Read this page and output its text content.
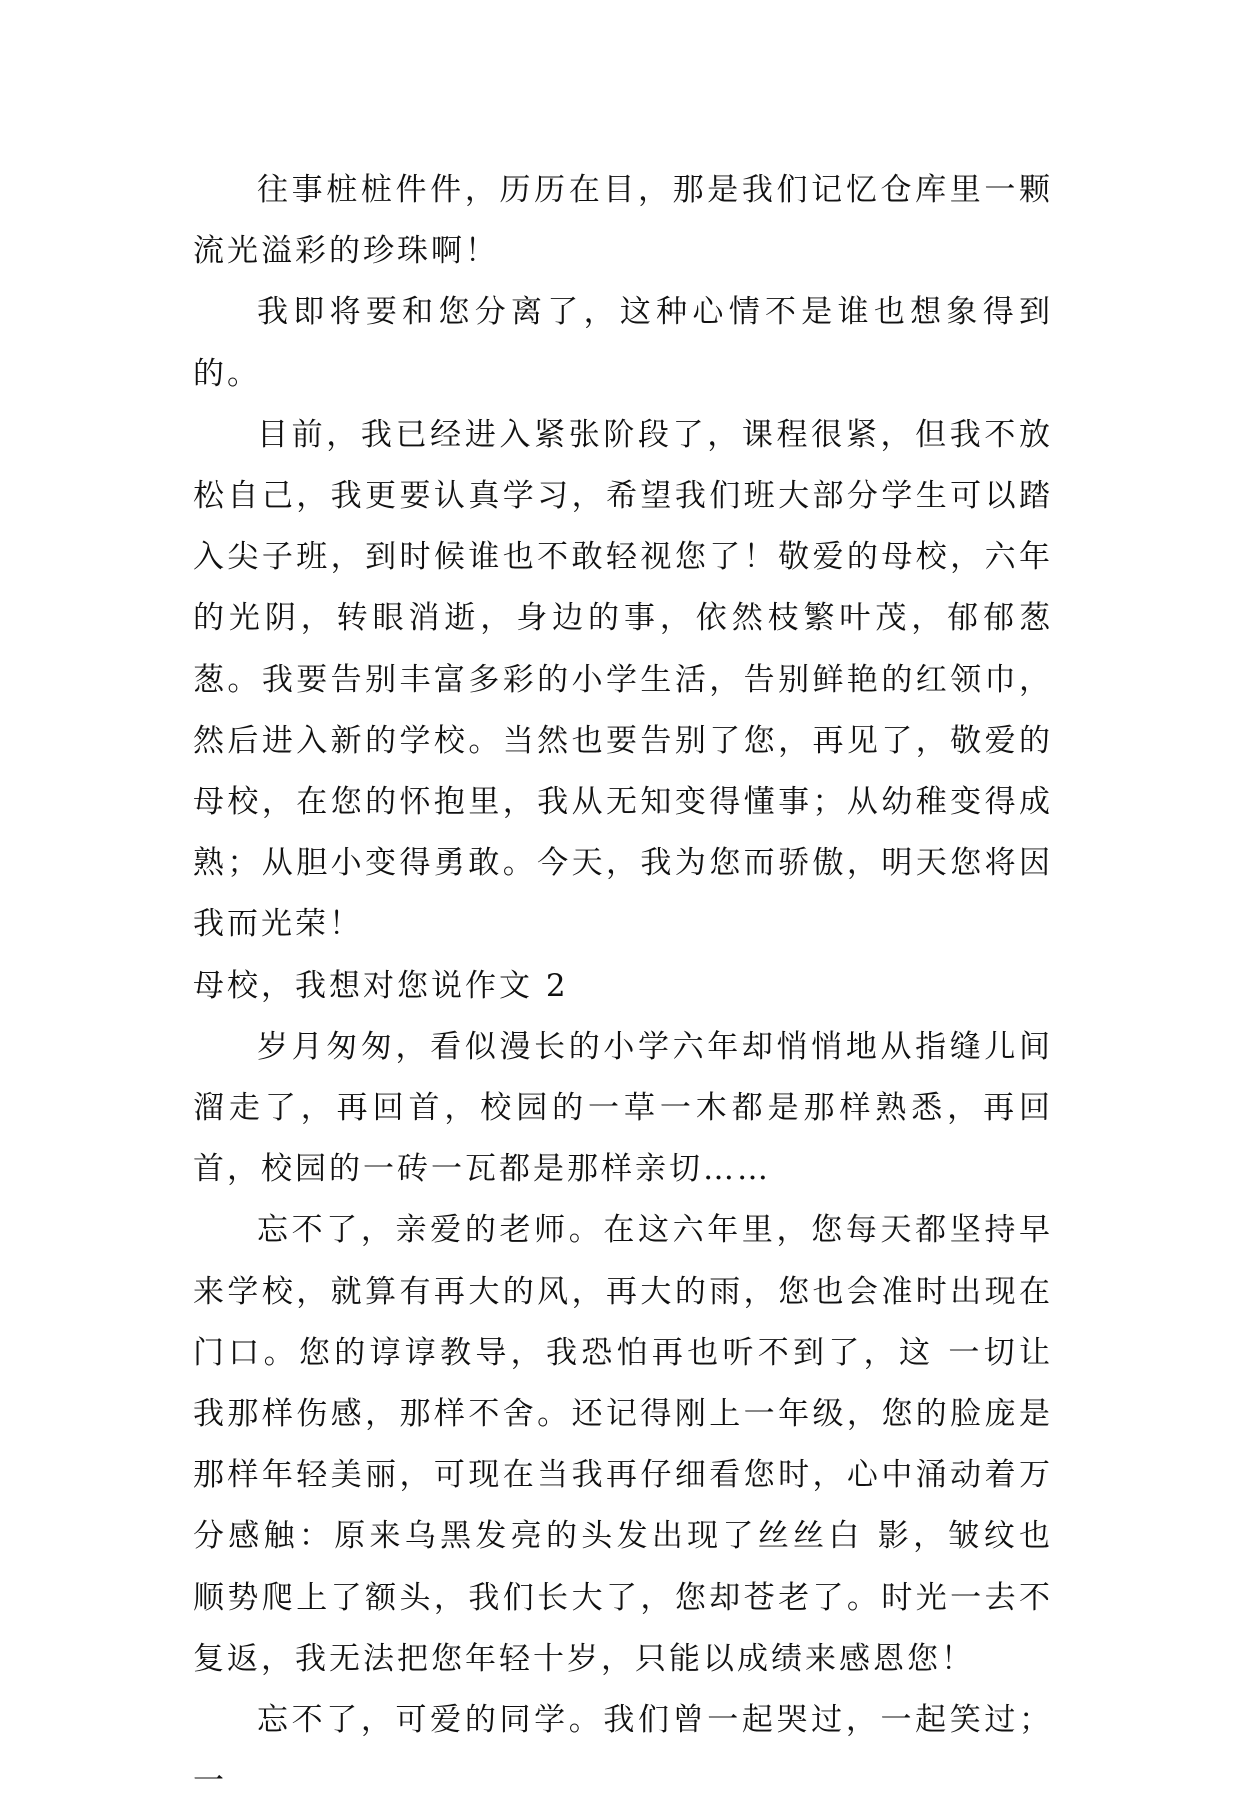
往事桩桩件件，历历在目，那是我们记忆仓库里一颗流光溢彩的珍珠啊！

我即将要和您分离了，这种心情不是谁也想象得到的。

目前，我已经进入紧张阶段了，课程很紧，但我不放松自己，我更要认真学习，希望我们班大部分学生可以踏入尖子班，到时候谁也不敢轻视您了！敬爱的母校，六年的光阴，转眼消逝，身边的事，依然枝繁叶茂，郁郁葱葱。我要告别丰富多彩的小学生活，告别鲜艳的红领巾，然后进入新的学校。当然也要告别了您，再见了，敬爱的母校，在您的怀抱里，我从无知变得懂事；从幼稚变得成熟；从胆小变得勇敢。今天，我为您而骄傲，明天您将因我而光荣！

母校，我想对您说作文 2

岁月匆匆，看似漫长的小学六年却悄悄地从指缝儿间溜走了，再回首，校园的一草一木都是那样熟悉，再回首，校园的一砖一瓦都是那样亲切……

忘不了，亲爱的老师。在这六年里，您每天都坚持早来学校，就算有再大的风，再大的雨，您也会准时出现在门口。您的谆谆教导，我恐怕再也听不到了，这 一切让我那样伤感，那样不舍。还记得刚上一年级，您的脸庞是那样年轻美丽，可现在当我再仔细看您时，心中涌动着万分感触：原来乌黑发亮的头发出现了丝丝白 影，皱纹也顺势爬上了额头，我们长大了，您却苍老了。时光一去不复返，我无法把您年轻十岁，只能以成绩来感恩您！

忘不了，可爱的同学。我们曾一起哭过，一起笑过；一
